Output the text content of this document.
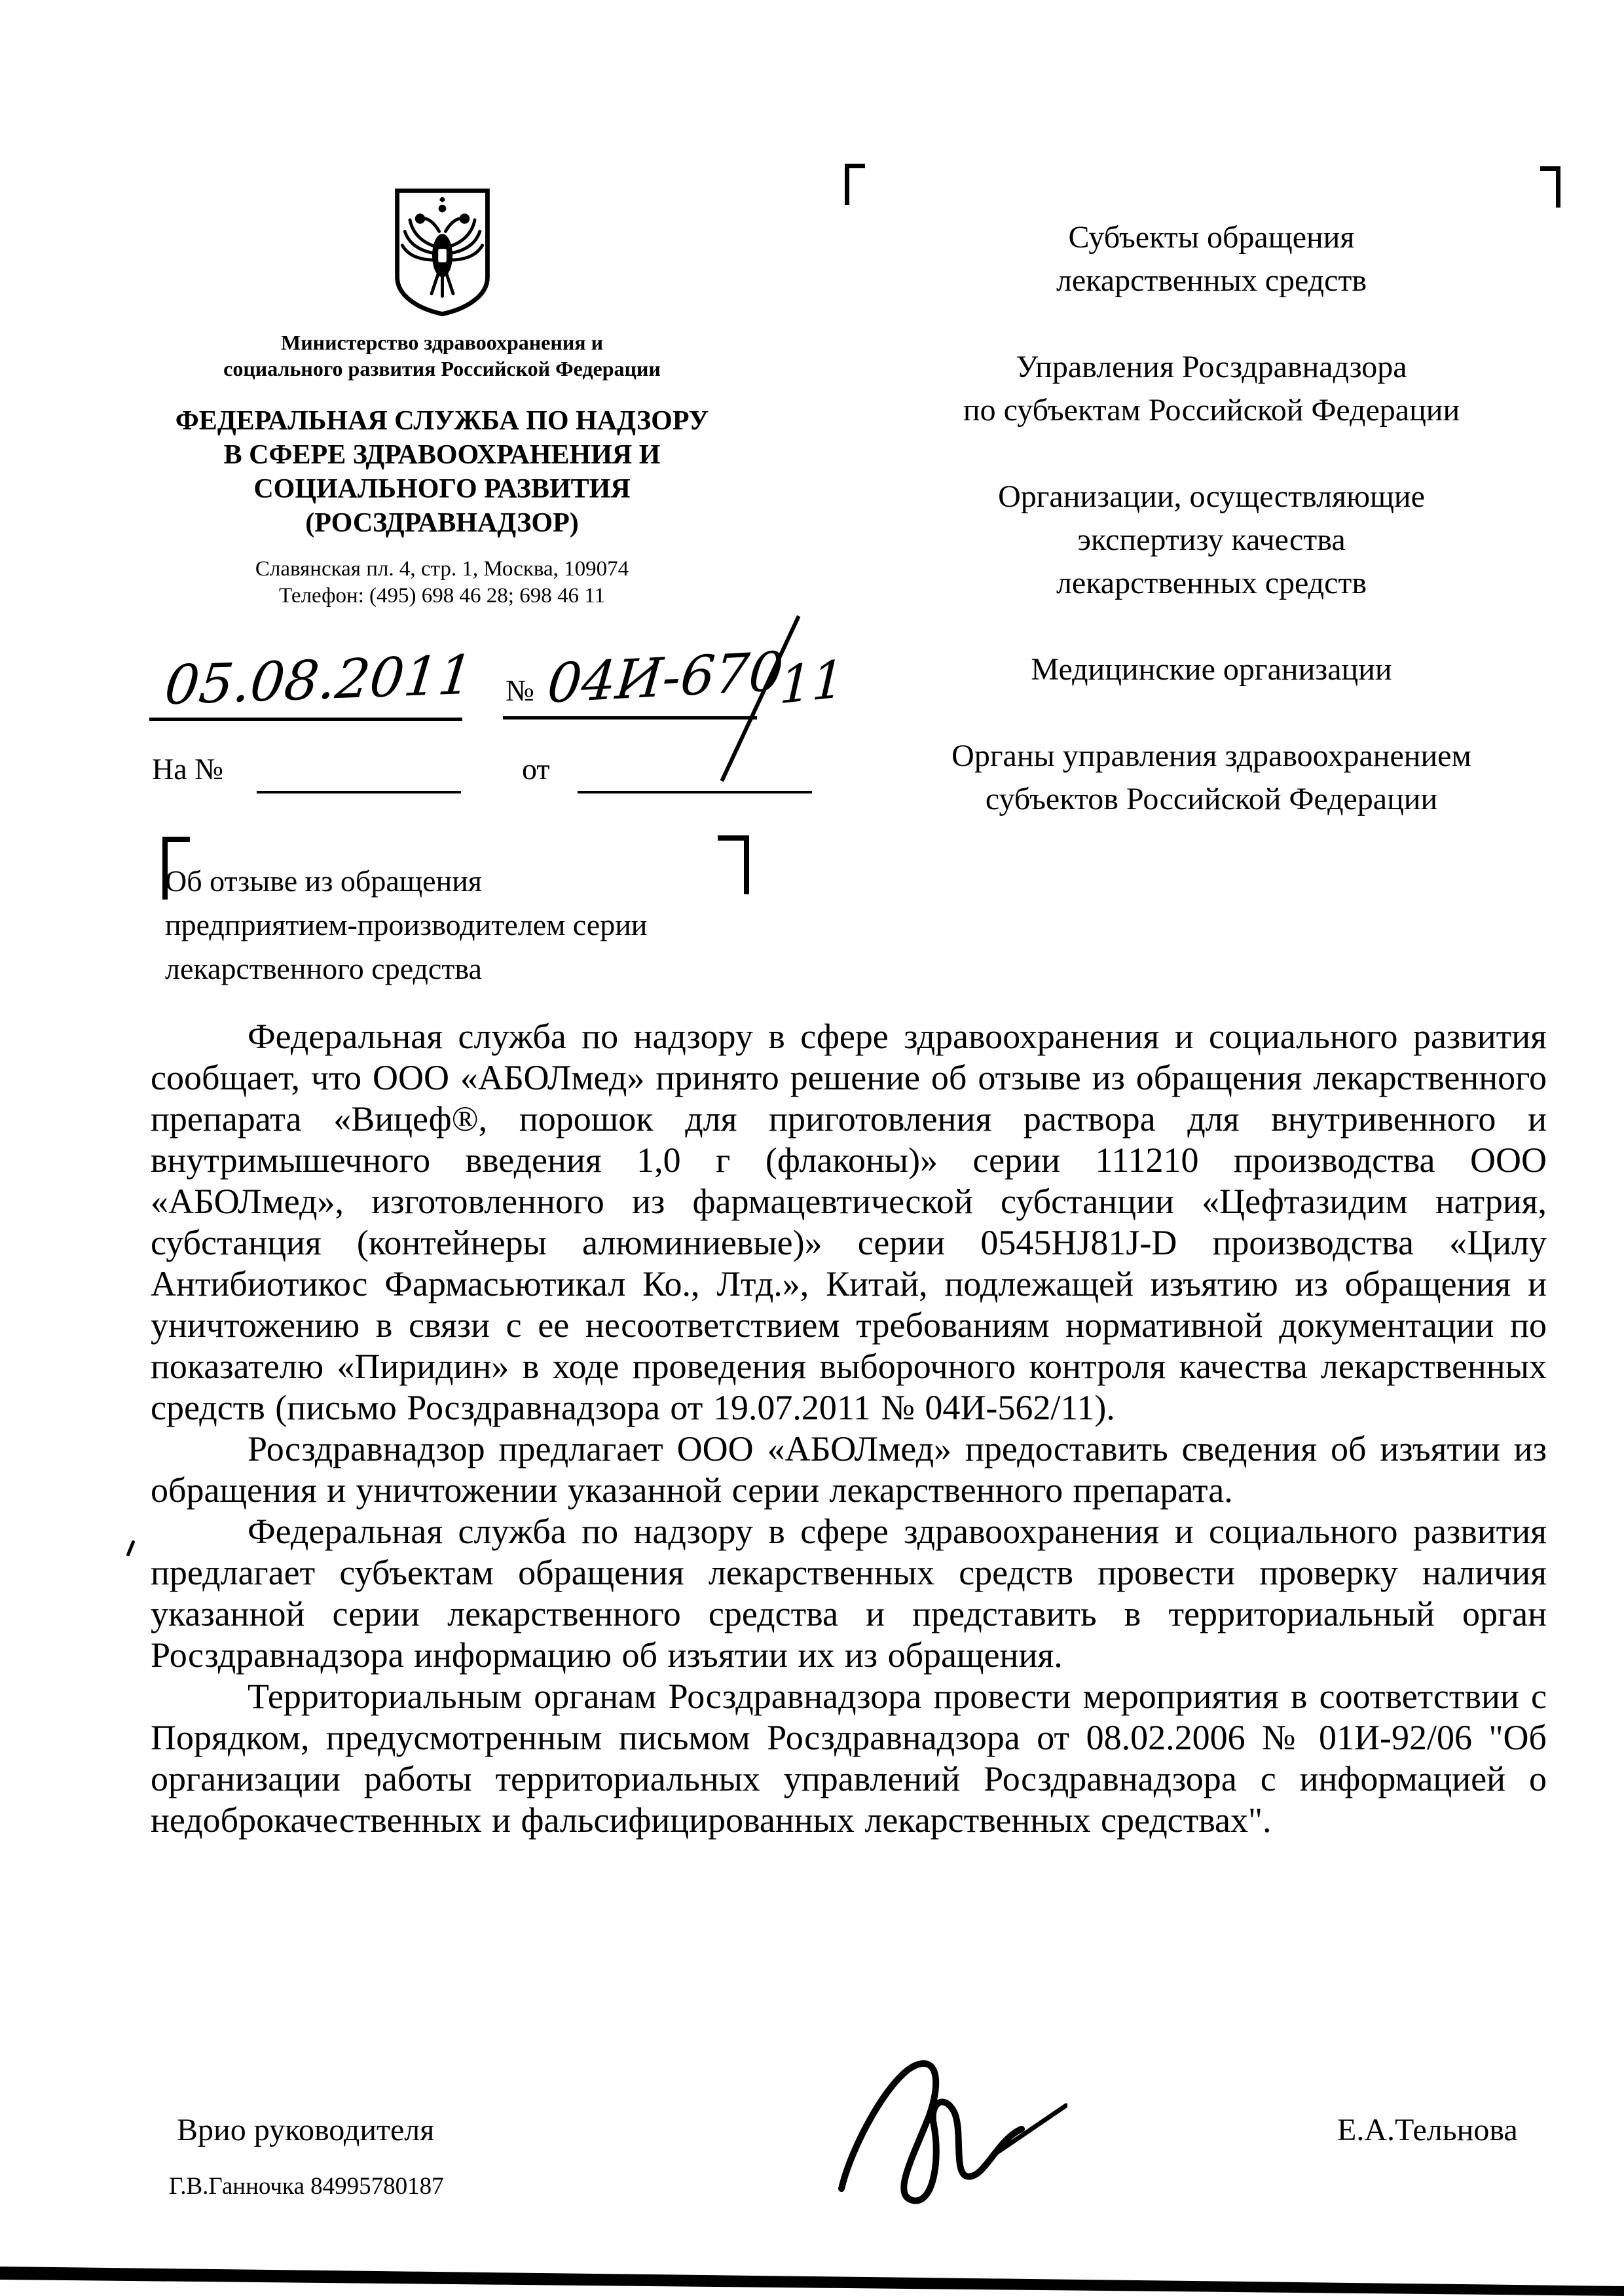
Министерство здравоохранения и
социального развития Российской Федерации
ФЕДЕРАЛЬНАЯ СЛУЖБА ПО НАДЗОРУ
В СФЕРЕ ЗДРАВООХРАНЕНИЯ И
СОЦИАЛЬНОГО РАЗВИТИЯ
(РОСЗДРАВНАДЗОР)
Славянская пл. 4, стр. 1, Москва, 109074
Телефон: (495) 698 46 28; 698 46 11
05.08.2011 № 04И-670
11
На №	от
Субъекты обращения
лекарственных средств
Управления Росздравнадзора
по субъектам Российской Федерации
Организации, осуществляющие
экспертизу качества
лекарственных средств
Медицинские организации
Органы управления здравоохранением
субъектов Российской Федерации
Об отзыве из обращения
предприятием-производителем серии
лекарственного средства

Федеральная служба по надзору в сфере здравоохранения и социального развития сообщает, что ООО «АБОЛмед» принято решение об отзыве из обращения лекарственного препарата «Вицеф®, порошок для приготовления раствора для внутривенного и внутримышечного введения 1,0 г (флаконы)» серии 111210 производства ООО «АБОЛмед», изготовленного из фармацевтической субстанции «Цефтазидим натрия, субстанция (контейнеры алюминиевые)» серии 0545HJ81J-D производства «Цилу Антибиотикос Фармасьютикал Ко., Лтд.», Китай, подлежащей изъятию из обращения и уничтожению в связи с ее несоответствием требованиям нормативной документации по показателю «Пиридин» в ходе проведения выборочного контроля качества лекарственных средств (письмо Росздравнадзора от 19.07.2011 № 04И-562/11).

Росздравнадзор предлагает ООО «АБОЛмед» предоставить сведения об изъятии из обращения и уничтожении указанной серии лекарственного препарата.

Федеральная служба по надзору в сфере здравоохранения и социального развития предлагает субъектам обращения лекарственных средств провести проверку наличия указанной серии лекарственного средства и представить в территориальный орган Росздравнадзора информацию об изъятии их из обращения.

Территориальным органам Росздравнадзора провести мероприятия в соответствии с Порядком, предусмотренным письмом Росздравнадзора от 08.02.2006 № 01И-92/06 "Об организации работы территориальных управлений Росздравнадзора с информацией о недоброкачественных и фальсифицированных лекарственных средствах".

Врио руководителя	Е.А.Тельнова
Г.В.Ганночка 84995780187
